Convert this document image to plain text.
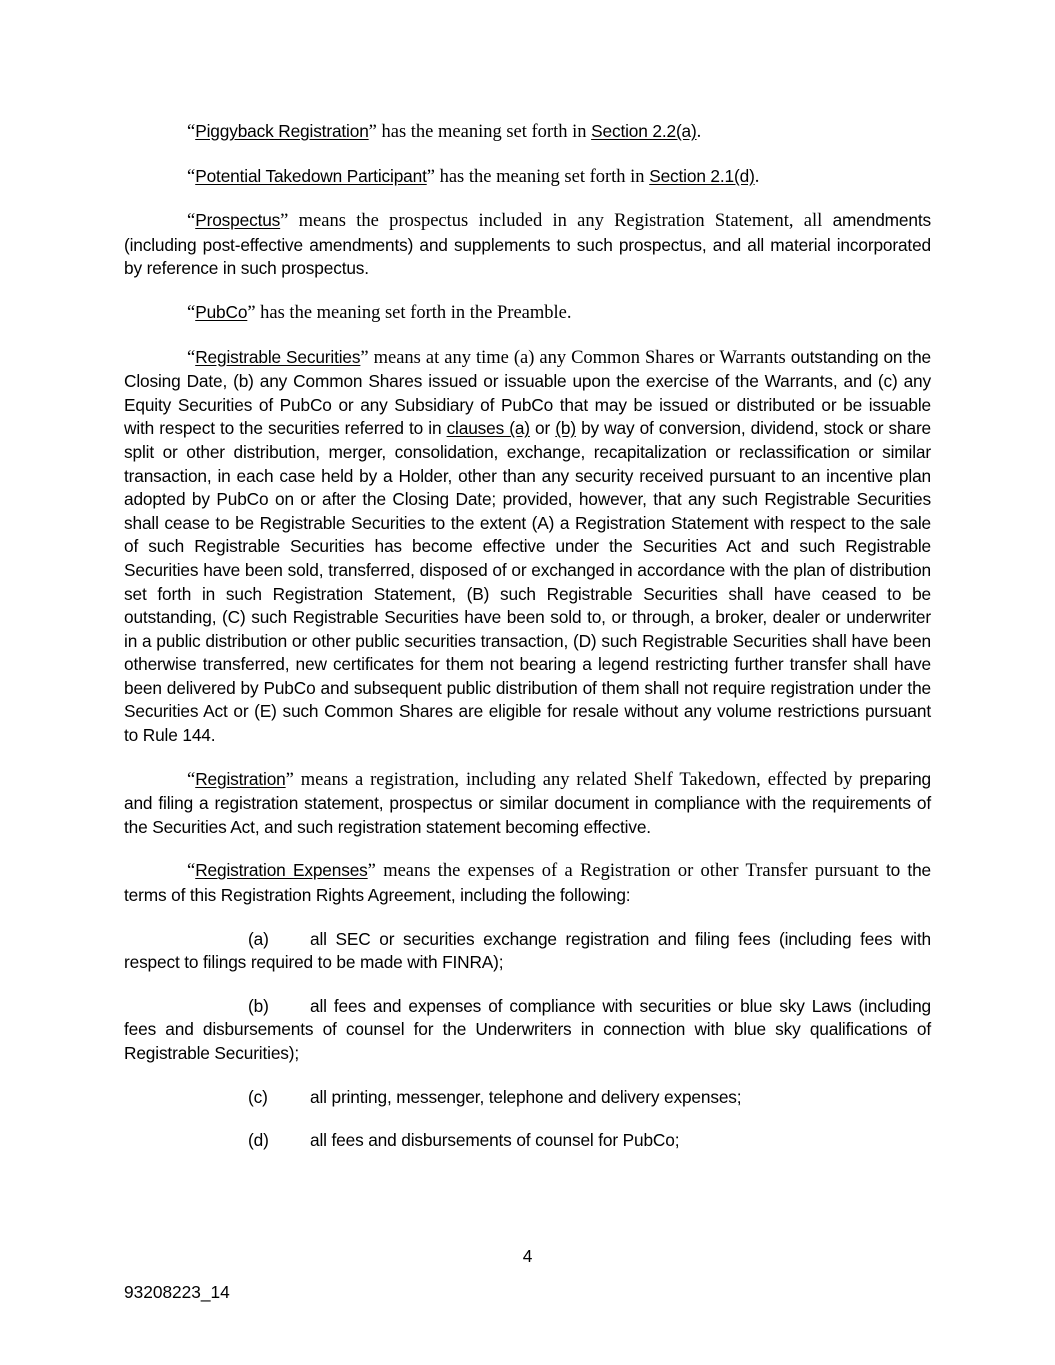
“Piggyback Registration” has the meaning set forth in Section 2.2(a).

“Potential Takedown Participant” has the meaning set forth in Section 2.1(d).

“Prospectus” means the prospectus included in any Registration Statement, all amendments (including post-effective amendments) and supplements to such prospectus, and all material incorporated by reference in such prospectus.

“PubCo” has the meaning set forth in the Preamble.

“Registrable Securities” means at any time (a) any Common Shares or Warrants outstanding on the Closing Date, (b) any Common Shares issued or issuable upon the exercise of the Warrants, and (c) any Equity Securities of PubCo or any Subsidiary of PubCo that may be issued or distributed or be issuable with respect to the securities referred to in clauses (a) or (b) by way of conversion, dividend, stock or share split or other distribution, merger, consolidation, exchange, recapitalization or reclassification or similar transaction, in each case held by a Holder, other than any security received pursuant to an incentive plan adopted by PubCo on or after the Closing Date; provided, however, that any such Registrable Securities shall cease to be Registrable Securities to the extent (A) a Registration Statement with respect to the sale of such Registrable Securities has become effective under the Securities Act and such Registrable Securities have been sold, transferred, disposed of or exchanged in accordance with the plan of distribution set forth in such Registration Statement, (B) such Registrable Securities shall have ceased to be outstanding, (C) such Registrable Securities have been sold to, or through, a broker, dealer or underwriter in a public distribution or other public securities transaction, (D) such Registrable Securities shall have been otherwise transferred, new certificates for them not bearing a legend restricting further transfer shall have been delivered by PubCo and subsequent public distribution of them shall not require registration under the Securities Act or (E) such Common Shares are eligible for resale without any volume restrictions pursuant to Rule 144.

“Registration” means a registration, including any related Shelf Takedown, effected by preparing and filing a registration statement, prospectus or similar document in compliance with the requirements of the Securities Act, and such registration statement becoming effective.

“Registration Expenses” means the expenses of a Registration or other Transfer pursuant to the terms of this Registration Rights Agreement, including the following:

(a) all SEC or securities exchange registration and filing fees (including fees with respect to filings required to be made with FINRA);

(b) all fees and expenses of compliance with securities or blue sky Laws (including fees and disbursements of counsel for the Underwriters in connection with blue sky qualifications of Registrable Securities);

(c) all printing, messenger, telephone and delivery expenses;

(d) all fees and disbursements of counsel for PubCo;

4
93208223_14
